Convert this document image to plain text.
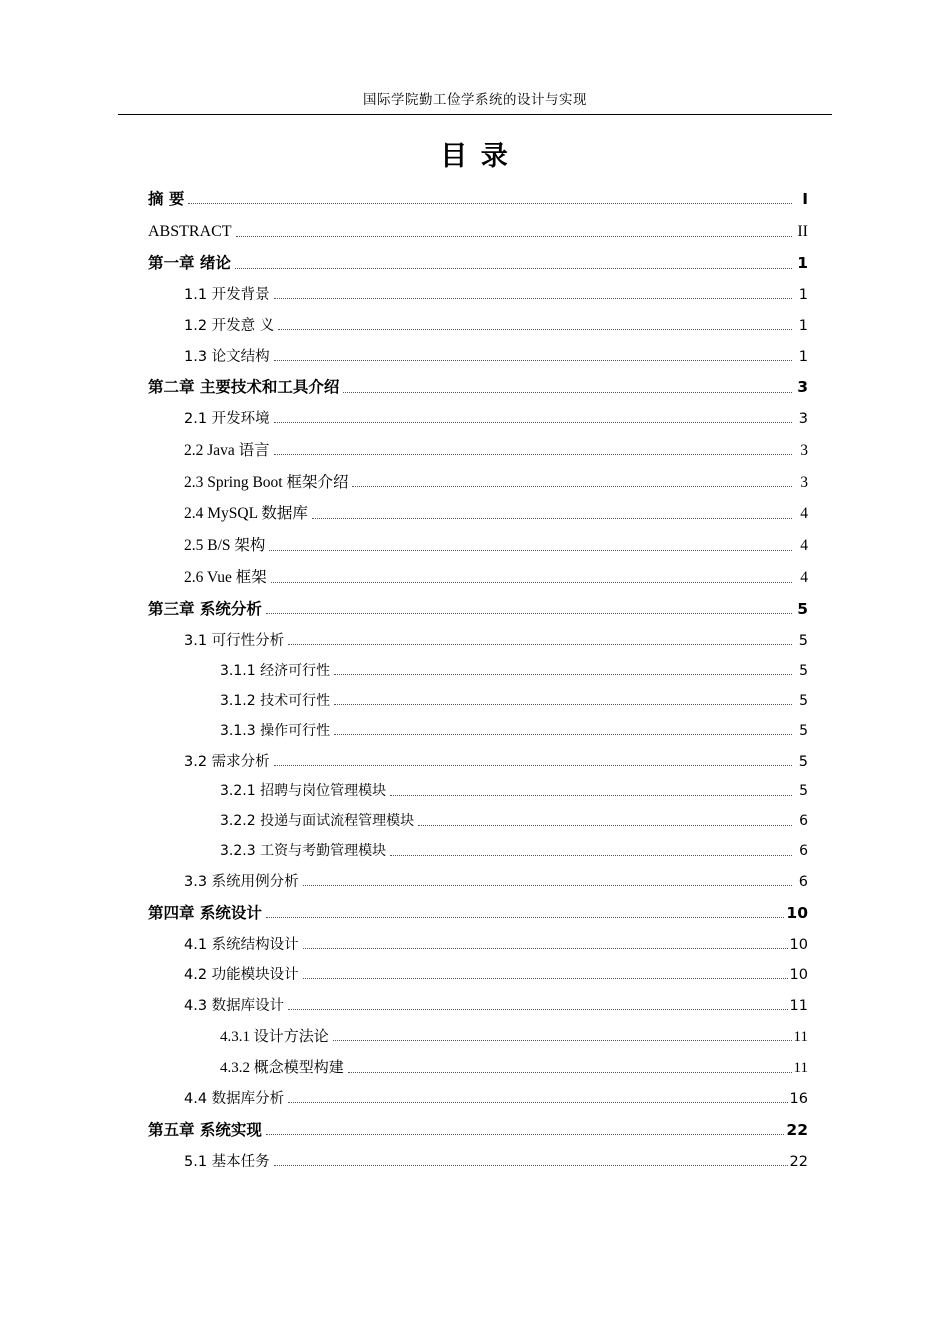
国际学院勤工俭学系统的设计与实现
目 录
摘 要	I
ABSTRACT	II
第一章 绪论	1
1.1 开发背景	1
1.2 开发意 义	1
1.3 论文结构	1
第二章 主要技术和工具介绍	3
2.1 开发环境	3
2.2 Java 语言	3
2.3 Spring Boot 框架介绍	3
2.4 MySQL 数据库	4
2.5 B/S 架构	4
2.6 Vue 框架	4
第三章 系统分析	5
3.1 可行性分析	5
3.1.1 经济可行性	5
3.1.2 技术可行性	5
3.1.3 操作可行性	5
3.2 需求分析	5
3.2.1 招聘与岗位管理模块	5
3.2.2 投递与面试流程管理模块	6
3.2.3 工资与考勤管理模块	6
3.3 系统用例分析	6
第四章 系统设计	10
4.1 系统结构设计	10
4.2 功能模块设计	10
4.3 数据库设计	11
4.3.1 设计方法论	11
4.3.2 概念模型构建	11
4.4 数据库分析	16
第五章 系统实现	22
5.1 基本任务	22
